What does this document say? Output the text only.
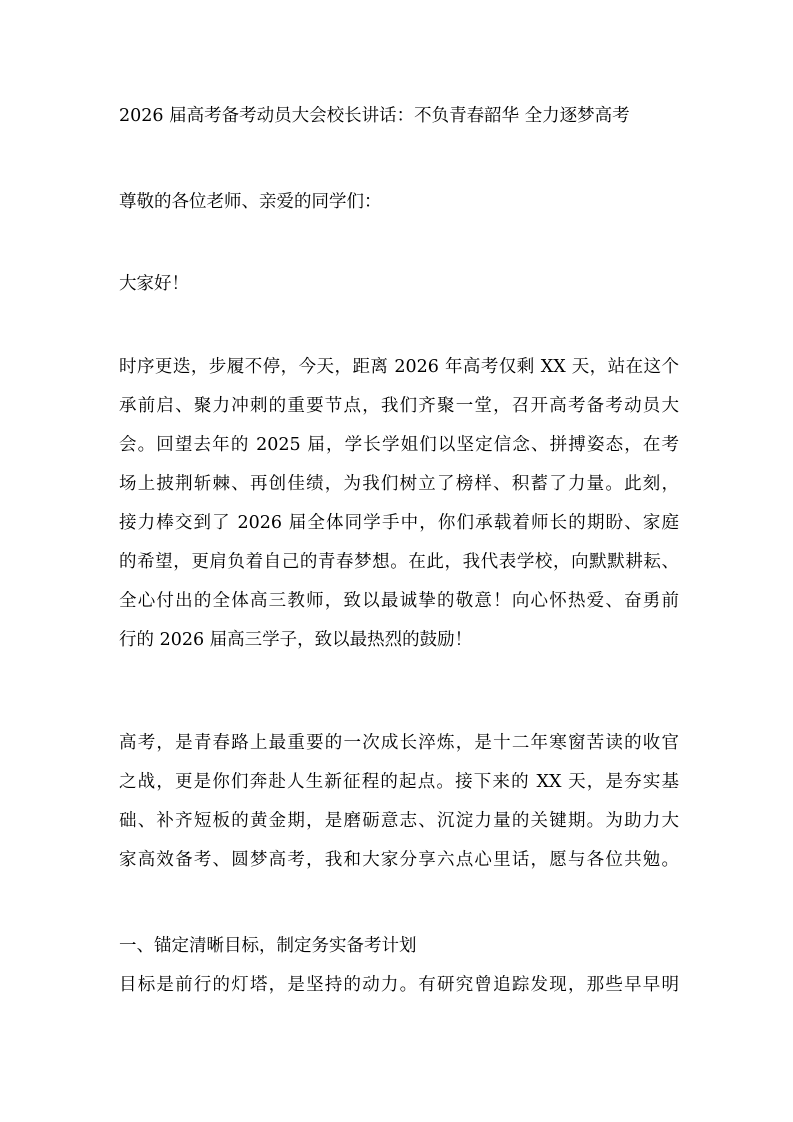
2026 届高考备考动员大会校长讲话：不负青春韶华 全力逐梦高考
尊敬的各位老师、亲爱的同学们：
大家好！
时序更迭，步履不停，今天，距离 2026 年高考仅剩 XX 天，站在这个
承前启、聚力冲刺的重要节点，我们齐聚一堂，召开高考备考动员大
会。回望去年的 2025 届，学长学姐们以坚定信念、拼搏姿态，在考
场上披荆斩棘、再创佳绩，为我们树立了榜样、积蓄了力量。此刻，
接力棒交到了 2026 届全体同学手中，你们承载着师长的期盼、家庭
的希望，更肩负着自己的青春梦想。在此，我代表学校，向默默耕耘、
全心付出的全体高三教师，致以最诚挚的敬意！向心怀热爱、奋勇前
行的 2026 届高三学子，致以最热烈的鼓励！
高考，是青春路上最重要的一次成长淬炼，是十二年寒窗苦读的收官
之战，更是你们奔赴人生新征程的起点。接下来的 XX 天，是夯实基
础、补齐短板的黄金期，是磨砺意志、沉淀力量的关键期。为助力大
家高效备考、圆梦高考，我和大家分享六点心里话，愿与各位共勉。
一、锚定清晰目标，制定务实备考计划
目标是前行的灯塔，是坚持的动力。有研究曾追踪发现，那些早早明
